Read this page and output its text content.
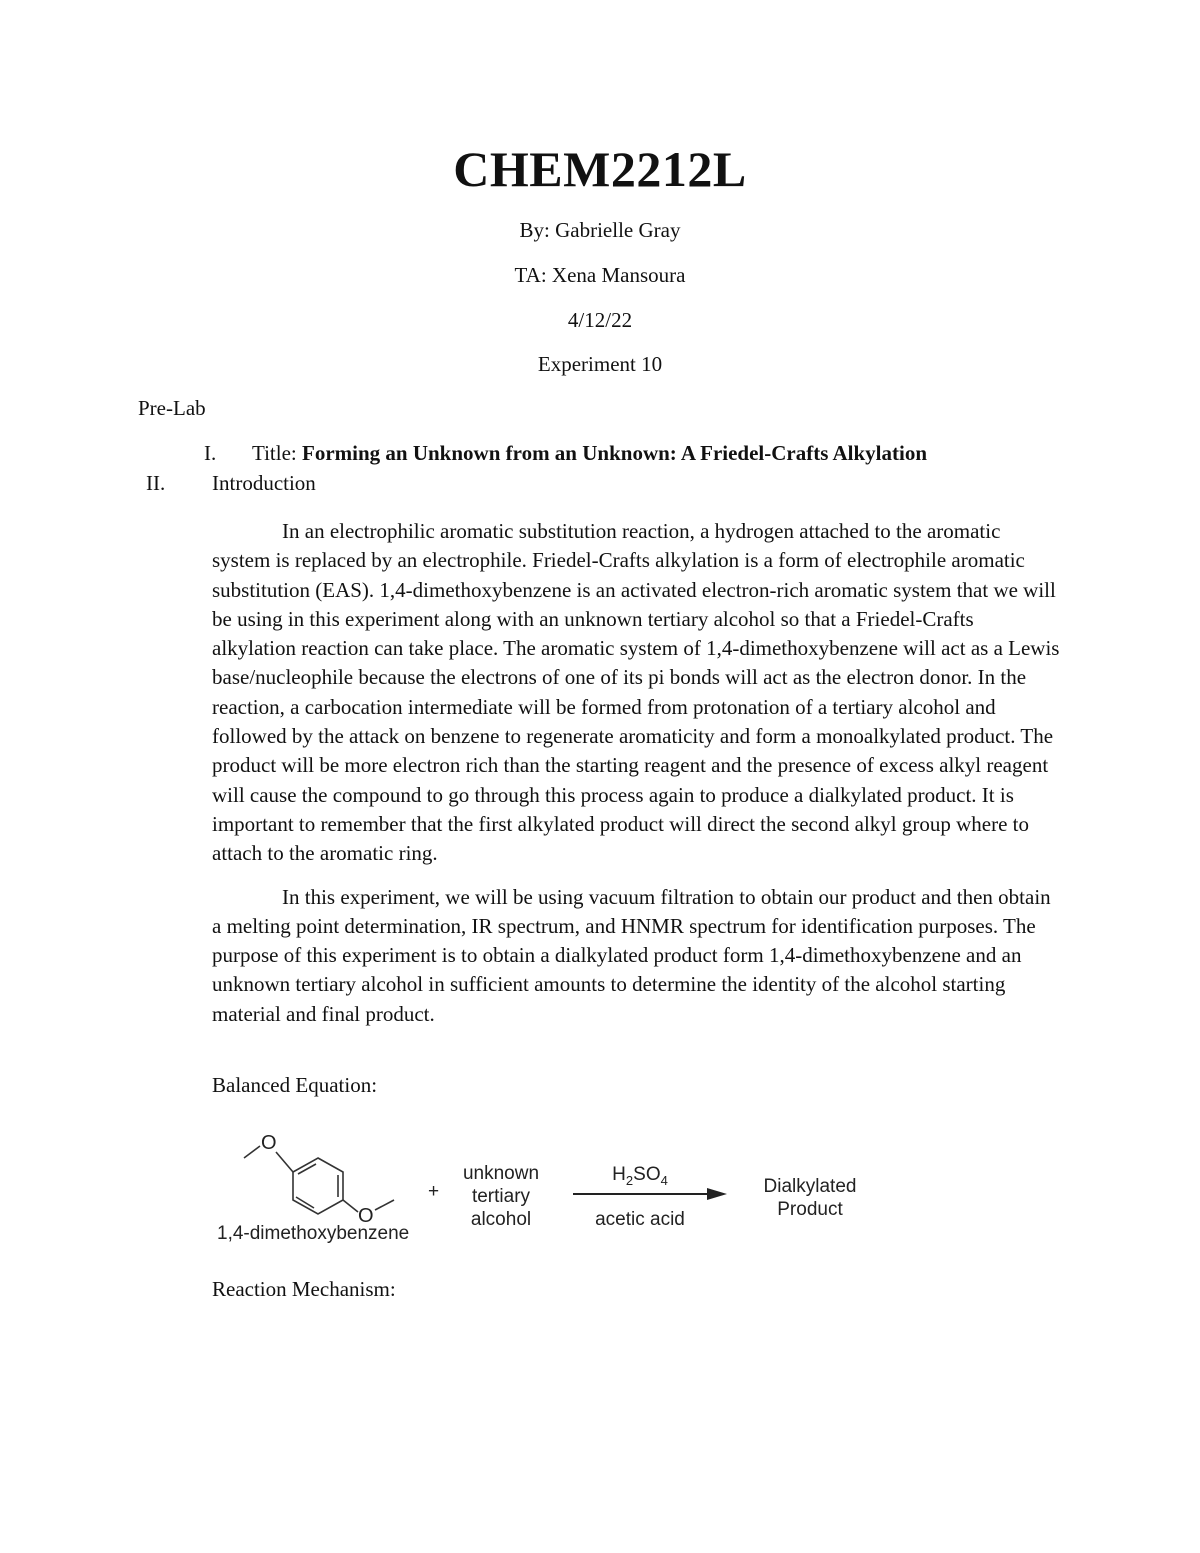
CHEM2212L
By: Gabrielle Gray
TA: Xena Mansoura
4/12/22
Experiment 10
Pre-Lab
I. Title: Forming an Unknown from an Unknown: A Friedel-Crafts Alkylation
II. Introduction

In an electrophilic aromatic substitution reaction, a hydrogen attached to the aromatic system is replaced by an electrophile. Friedel-Crafts alkylation is a form of electrophile aromatic substitution (EAS). 1,4-dimethoxybenzene is an activated electron-rich aromatic system that we will be using in this experiment along with an unknown tertiary alcohol so that a Friedel-Crafts alkylation reaction can take place. The aromatic system of 1,4-dimethoxybenzene will act as a Lewis base/nucleophile because the electrons of one of its pi bonds will act as the electron donor. In the reaction, a carbocation intermediate will be formed from protonation of a tertiary alcohol and followed by the attack on benzene to regenerate aromaticity and form a monoalkylated product. The product will be more electron rich than the starting reagent and the presence of excess alkyl reagent will cause the compound to go through this process again to produce a dialkylated product. It is important to remember that the first alkylated product will direct the second alkyl group where to attach to the aromatic ring.

In this experiment, we will be using vacuum filtration to obtain our product and then obtain a melting point determination, IR spectrum, and HNMR spectrum for identification purposes. The purpose of this experiment is to obtain a dialkylated product form 1,4-dimethoxybenzene and an unknown tertiary alcohol in sufficient amounts to determine the identity of the alcohol starting material and final product.

Balanced Equation:
O
O
1,4-dimethoxybenzene
+
unknown
tertiary
alcohol
$H_2SO_4$
acetic acid
Dialkylated
Product
Reaction Mechanism:
